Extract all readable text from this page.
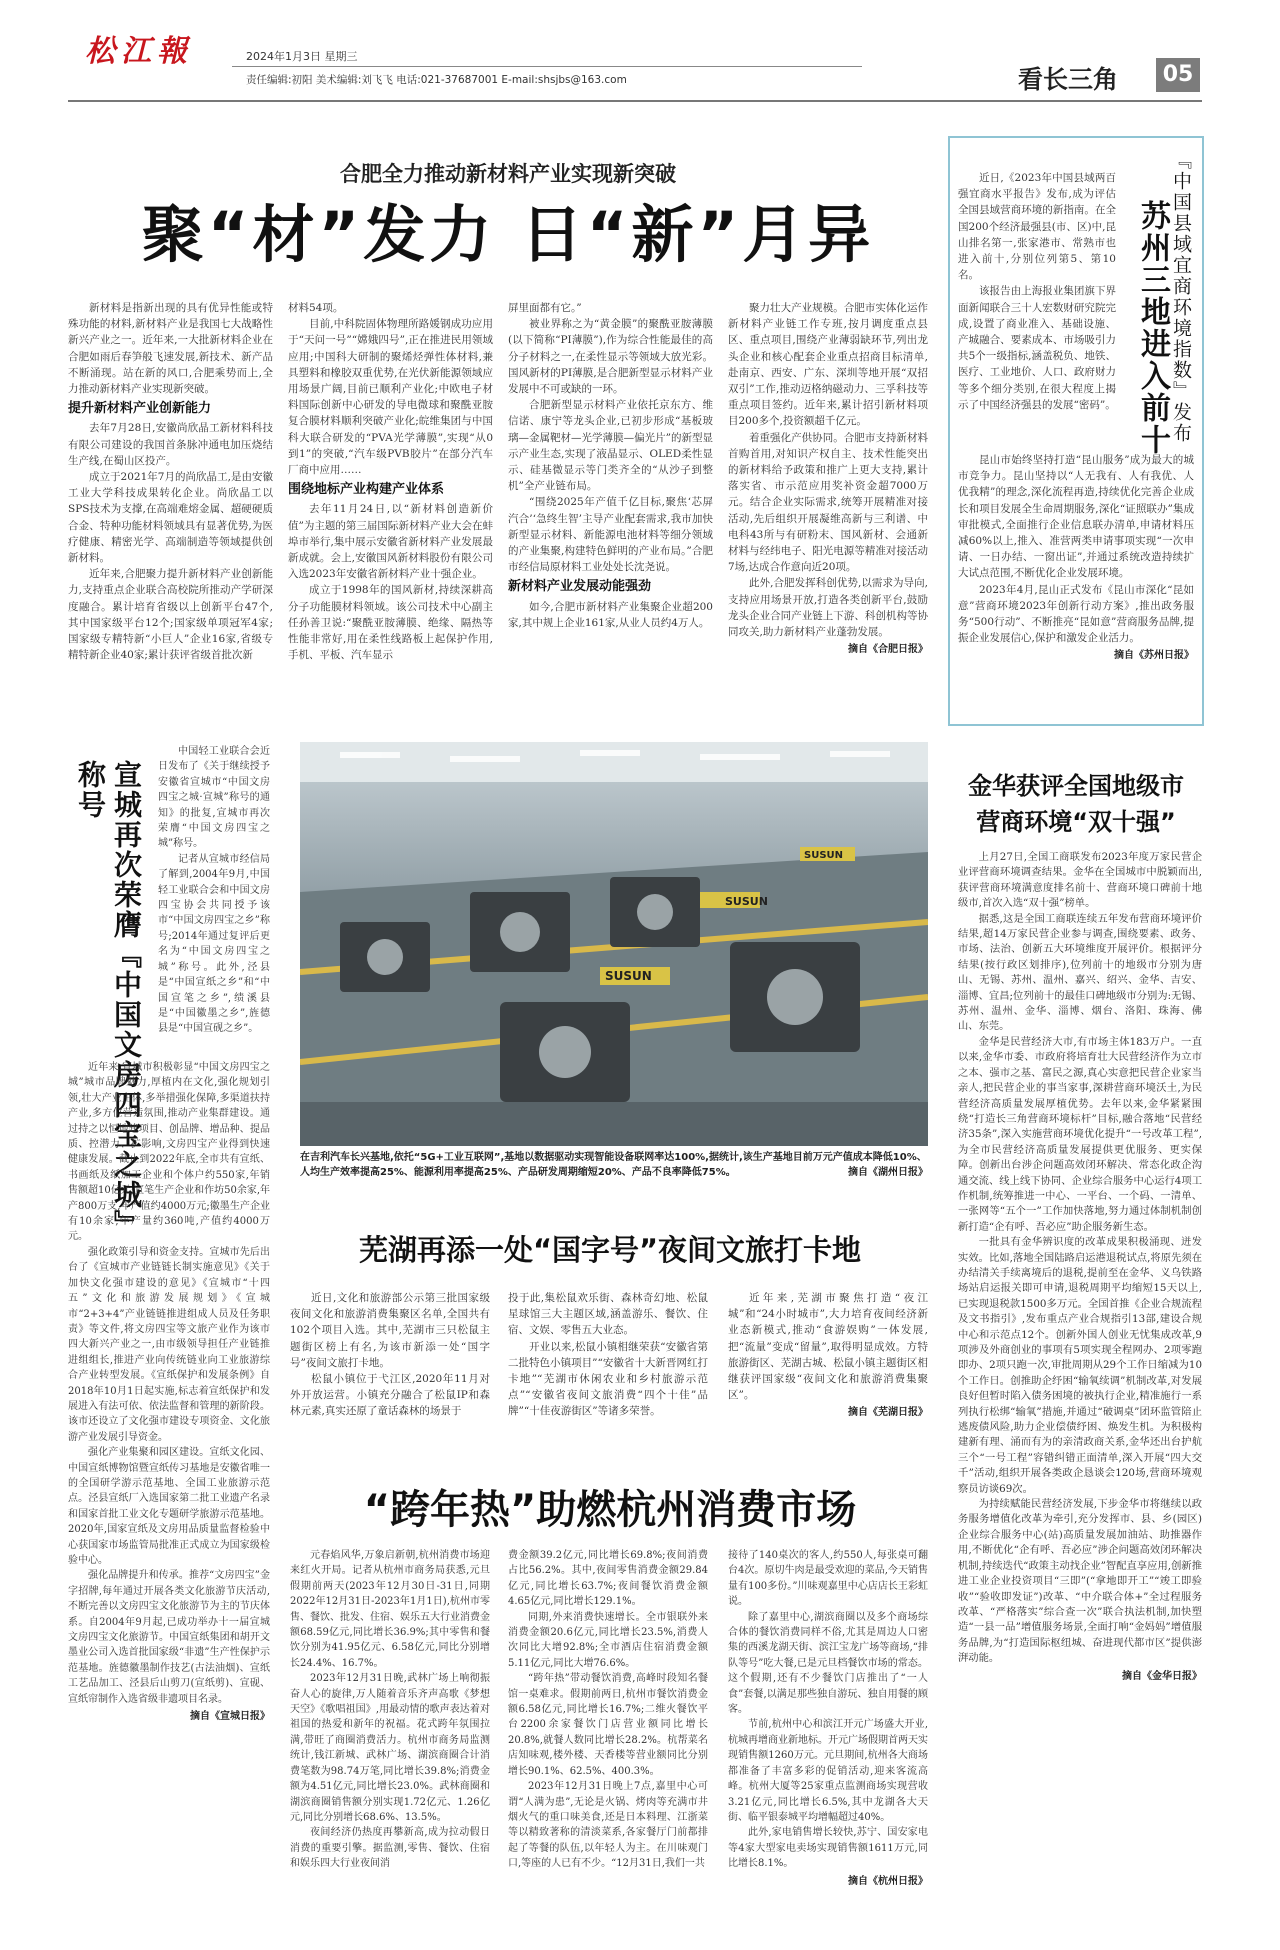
松江報	2024年1月3日 星期三
责任编辑:初阳 美术编辑:刘飞飞 电话:021-37687001 E-mail:shsjbs@163.com	看长三角	05
合肥全力推动新材料产业实现新突破
聚“材”发力 日“新”月异

新材料是指新出现的具有优异性能或特殊功能的材料,新材料产业是我国七大战略性新兴产业之一。近年来,一大批新材料企业在合肥如雨后春笋般飞速发展,新技术、新产品不断涌现。站在新的风口,合肥乘势而上,全力推动新材料产业实现新突破。

提升新材料产业创新能力

去年7月28日,安徽尚欣晶工新材料科技有限公司建设的我国首条脉冲通电加压烧结生产线,在蜀山区投产。

成立于2021年7月的尚欣晶工,是由安徽工业大学科技成果转化企业。尚欣晶工以SPS技术为支撑,在高端难熔金属、超硬硬质合金、特种功能材料领域具有显著优势,为医疗健康、精密光学、高端制造等领域提供创新材料。

近年来,合肥聚力提升新材料产业创新能力,支持重点企业联合高校院所推动产学研深度融合。累计培育省级以上创新平台47个,其中国家级平台12个;国家级单项冠军4家;国家级专精特新“小巨人”企业16家,省级专精特新企业40家;累计获评省级首批次新

材料54项。

目前,中科院固体物理所路媛钢成功应用于“天问一号”“嫦娥四号”,正在推进民用领域应用;中国科大研制的聚烯烃弹性体材料,兼具塑料和橡胶双重优势,在光伏新能源领域应用场景广阔,目前已顺利产业化;中欧电子材料国际创新中心研发的导电微球和聚酰亚胺复合膜材料顺利突破产业化;皖维集团与中国科大联合研发的“PVA光学薄膜”,实现“从0到1”的突破,“汽车级PVB胶片”在部分汽车厂商中应用……

围绕地标产业构建产业体系

去年11月24日,以“新材料创造新价值”为主题的第三届国际新材料产业大会在蚌埠市举行,集中展示安徽省新材料产业发展最新成就。会上,安徽国风新材料股份有限公司入选2023年安徽省新材料产业十强企业。

成立于1998年的国风新材,持续深耕高分子功能膜材料领域。该公司技术中心副主任孙善卫说:“聚酰亚胺薄膜、绝缘、隔热等性能非常好,用在柔性线路板上起保护作用,手机、平板、汽车显示

屏里面都有它。”

被业界称之为“黄金膜”的聚酰亚胺薄膜(以下简称“PI薄膜”),作为综合性能最佳的高分子材料之一,在柔性显示等领域大放光彩。国风新材的PI薄膜,是合肥新型显示材料产业发展中不可或缺的一环。

合肥新型显示材料产业依托京东方、维信诺、康宁等龙头企业,已初步形成“基板玻璃—金属靶材—光学薄膜—偏光片”的新型显示产业生态,实现了液晶显示、OLED柔性显示、硅基微显示等门类齐全的“从沙子到整机”全产业链布局。

“围绕2025年产值千亿目标,聚焦‘芯屏汽合’‘急终生智’主导产业配套需求,我市加快新型显示材料、新能源电池材料等细分领域的产业集聚,构建特色鲜明的产业布局。”合肥市经信局原材料工业处处长沈尧说。

新材料产业发展动能强劲

如今,合肥市新材料产业集聚企业超200家,其中规上企业161家,从业人员约4万人。

聚力壮大产业规模。合肥市实体化运作新材料产业链工作专班,按月调度重点县区、重点项目,围绕产业薄弱缺环节,列出龙头企业和核心配套企业重点招商目标清单,赴南京、西安、广东、深圳等地开展“双招双引”工作,推动迈格纳磁动力、三孚科技等重点项目签约。近年来,累计招引新材料项目200多个,投资额超千亿元。

着重强化产供协同。合肥市支持新材料首购首用,对知识产权自主、技术性能突出的新材料给予政策和推广上更大支持,累计落实省、市示范应用奖补资金超7000万元。结合企业实际需求,统筹开展精准对接活动,先后组织开展凝维高新与三利谱、中电科43所与有研粉末、国风新材、会通新材料与经纬电子、阳光电源等精准对接活动7场,达成合作意向近20项。

此外,合肥发挥科创优势,以需求为导向,支持应用场景开放,打造各类创新平台,鼓励龙头企业合同产业链上下游、科创机构等协同攻关,助力新材料产业蓬勃发展。

摘自《合肥日报》
苏州三地进入前十 『中国县域宜商环境指数』发布

近日,《2023年中国县域两百强宜商水平报告》发布,成为评估全国县域营商环境的新指南。在全国200个经济最强县(市、区)中,昆山排名第一,张家港市、常熟市也进入前十,分别位列第5、第10名。

该报告由上海报业集团旗下界面新闻联合三十人宏数财研究院完成,设置了商业准入、基础设施、产城融合、要素成本、市场吸引力共5个一级指标,涵盖税负、地铁、医疗、工业地价、人口、政府财力等多个细分类别,在很大程度上揭示了中国经济强县的发展“密码”。

昆山市始终坚持打造“昆山服务”成为最大的城市竞争力。昆山坚持以“人无我有、人有我优、人优我精”的理念,深化流程再造,持续优化完善企业成长和项目发展全生命周期服务,深化“证照联办”集成审批模式,全面推行企业信息联办清单,申请材料压减60%以上,推入、准营两类申请事项实现“一次申请、一日办结、一窗出证”,并通过系统改造持续扩大试点范围,不断优化企业发展环境。

2023年4月,昆山正式发布《昆山市深化“昆如意”营商环境2023年创新行动方案》,推出政务服务“500行动”、不断推亮“昆如意”营商服务品牌,提振企业发展信心,保护和激发企业活力。

摘自《苏州日报》
金华获评全国地级市营商环境“双十强”

上月27日,全国工商联发布2023年度万家民营企业评营商环境调查结果。金华在全国城市中脱颖而出,获评营商环境满意度排名前十、营商环境口碑前十地级市,首次入选“双十强”榜单。

据悉,这是全国工商联连续五年发布营商环境评价结果,超14万家民营企业参与调查,围绕要素、政务、市场、法治、创新五大环境维度开展评价。根据评分结果(按行政区划排序),位列前十的地级市分别为唐山、无锡、苏州、温州、嘉兴、绍兴、金华、吉安、淄博、宜昌;位列前十的最佳口碑地级市分别为:无锡、苏州、温州、金华、淄博、烟台、洛阳、珠海、佛山、东莞。

金华是民营经济大市,有市场主体183万户。一直以来,金华市委、市政府将培育壮大民营经济作为立市之本、强市之基、富民之源,真心实意把民营企业家当亲人,把民营企业的事当家事,深耕营商环境沃土,为民营经济高质量发展厚植优势。去年以来,金华紧紧围绕“打造长三角营商环境标杆”目标,融合落地“民营经济35条”,深入实施营商环境优化提升“一号改革工程”,为全市民营经济高质量发展提供更优服务、更实保障。创新出台涉企问题高效闭环解决、常态化政企沟通交流、线上线下协同、企业综合服务中心运行4项工作机制,统筹推进一中心、一平台、一个码、一清单、一张网等“五个一”工作加快落地,努力通过体制机制创新打造“企有呼、吾必应”助企服务新生态。

一批具有金华辨识度的改革成果积极涌现、迸发实效。比如,落地全国陆路启运港退税试点,将原先须在办结清关手续离境后的退税,提前至在金华、义乌铁路场站启运报关即可申请,退税周期平均缩短15天以上,已实现退税款1500多万元。全国首推《企业合规流程及文书指引》,发布重点产业合规指引13部,建设合规中心和示范点12个。创新外国人创业无忧集成改革,9项涉及外商创业的事项有5项实现全程网办、2项零跑即办、2项只跑一次,审批周期从29个工作日缩减为10个工作日。创推助企纾困“输氧续调”机制改革,对发展良好但暂时陷入债务困境的被执行企业,精准施行一系列执行松绑“输氧”措施,并通过“破调桌”团环监管陪止逃废债风险,助力企业偿债纾困、焕发生机。为积极构建新有理、涌而有为的亲清政商关系,金华还出台护航三个“一号工程”容错纠错正面清单,深入开展“四大交千”活动,组织开展各类政企恳谈会120场,营商环境观察员访谈69次。

为持续赋能民营经济发展,下步金华市将继续以政务服务增值化改革为牵引,充分发挥市、县、乡(园区)企业综合服务中心(站)高质量发展加油站、助推器作用,不断优化“企有呼、吾必应”涉企问题高效闭环解决机制,持续迭代“政策主动找企业”智配直享应用,创新推进工业企业投资项目“三即”(“拿地即开工”“竣工即验收”“验收即发证”)改革、“中介联合体+”全过程服务改革、“严格落实”综合查一次”联合执法机制,加快塑造“一县一品”增值服务场景,全面打响“金妈妈”增值服务品牌,为“打造国际枢纽城、奋进现代都市区”提供澎湃动能。

摘自《金华日报》
宣城再次荣膺『中国文房四宝之城』称号

中国轻工业联合会近日发布了《关于继续授予安徽省宣城市“中国文房四宝之城·宣城”称号的通知》的批复,宣城市再次荣膺“中国文房四宝之城”称号。

记者从宣城市经信局了解到,2004年9月,中国轻工业联合会和中国文房四宝协会共同授予该市“中国文房四宝之乡”称号;2014年通过复评后更名为“中国文房四宝之城”称号。此外,泾县是“中国宣纸之乡”和“中国宣笔之乡”,绩溪县是“中国徽墨之乡”,旌德县是“中国宣砚之乡”。

近年来,宣城市积极彰显“中国文房四宝之城”城市品牌魅力,厚植内在文化,强化规划引领,壮大产业主体,多举措强化保障,多渠道扶持产业,多方位营造氛围,推动产业集群建设。通过持之以恒地建项目、创品牌、增品种、提品质、控潜力、扩影响,文房四宝产业得到快速健康发展。截止到2022年底,全市共有宣纸、书画纸及纸加工企业和个体户约550家,年销售额超10亿元;宣笔生产企业和作坊50余家,年产800万支,年产值约4000万元;徽墨生产企业有10余家,年产量约360吨,产值约4000万元。

强化政策引导和资金支持。宣城市先后出台了《宣城市产业链链长制实施意见》《关于加快文化强市建设的意见》《宣城市“十四五”文化和旅游发展规划》《宣城市“2+3+4”产业链链推进组成人员及任务职责》等文件,将文房四宝等文旅产业作为该市四大新兴产业之一,由市级领导担任产业链推进组组长,推进产业向传统链业向工业旅游综合产业转型发展。《宣纸保护和发展条例》自2018年10月1日起实施,标志着宣纸保护和发展进入有法可依、依法监督和管理的新阶段。该市还设立了文化强市建设专项资金、文化旅游产业发展引导资金。

强化产业集聚和园区建设。宣纸文化园、中国宣纸博物馆暨宣纸传习基地是安徽省唯一的全国研学游示范基地、全国工业旅游示范点。泾县宣纸厂入选国家第二批工业遗产名录和国家首批工业文化专题研学旅游示范基地。2020年,国家宣纸及文房用品质量监督检验中心获国家市场监管局批准正式成立为国家级检验中心。

强化品牌提升和传承。推荐“文房四宝”金字招牌,每年通过开展各类文化旅游节庆活动,不断完善以文房四宝文化旅游节为主的节庆体系。自2004年9月起,已成功举办十一届宣城文房四宝文化旅游节。中国宣纸集团和胡开文墨业公司入选首批国家级“非遗”生产性保护示范基地。旌德徽墨制作技艺(古法油烟)、宣纸工艺品加工、泾县后山剪刀(宣纸剪)、宣砚、宣纸帘制作入选省级非遗项目名录。

摘自《宣城日报》
SUSUN
SUSUN
SUSUN
在吉利汽车长兴基地,依托“5G+工业互联网”,基地以数据驱动实现智能设备联网率达100%,据统计,该生产基地目前万元产值成本降低10%、人均生产效率提高25%、能源利用率提高25%、产品研发周期缩短20%、产品不良率降低75%。	摘自《湖州日报》
芜湖再添一处“国字号”夜间文旅打卡地

近日,文化和旅游部公示第三批国家级夜间文化和旅游消费集聚区名单,全国共有102个项目入选。其中,芜湖市三只松鼠主题街区榜上有名,为该市新添一处“国字号”夜间文旅打卡地。

松鼠小镇位于弋江区,2020年11月对外开放运营。小镇充分融合了松鼠IP和森林元素,真实还原了童话森林的场景于

投于此,集松鼠欢乐街、森林奇幻地、松鼠星球馆三大主题区域,涵盖游乐、餐饮、住宿、文娱、零售五大业态。

开业以来,松鼠小镇相继荣获“安徽省第二批特色小镇项目”“安徽省十大新晋网红打卡地”“芜湖市休闲农业和乡村旅游示范点”“安徽省夜间文旅消费“四个十佳”品牌”“十佳夜游街区”等诸多荣誉。

近年来,芜湖市聚焦打造“夜江城”和“24小时城市”,大力培育夜间经济新业态新模式,推动“食游娱购”一体发展,把“流量”变成“留量”,取得明显成效。方特旅游街区、芜湖古城、松鼠小镇主题街区相继获评国家级“夜间文化和旅游消费集聚区”。

摘自《芜湖日报》
“跨年热”助燃杭州消费市场

元春焰风华,万象启新朝,杭州消费市场迎来红火开局。记者从杭州市商务局获悉,元旦假期前两天(2023年12月30日-31日,同期2022年12月31日-2023年1月1日),杭州市零售、餐饮、批发、住宿、娱乐五大行业消费金额68.59亿元,同比增长36.9%;其中零售和餐饮分别为41.95亿元、6.58亿元,同比分别增长24.4%、16.7%。

2023年12月31日晚,武林广场上响彻振奋人心的旋律,万人随着音乐齐声高歌《梦想天空》《歌唱祖国》,用最动情的歌声表达着对祖国的热爱和新年的祝福。花式跨年氛围拉满,带旺了商圈消费活力。杭州市商务局监测统计,钱江新城、武林广场、湖滨商圈合计消费笔数为98.74万笔,同比增长39.8%;消费金额为4.51亿元,同比增长23.0%。武林商圈和湖滨商圈销售额分别实现1.72亿元、1.26亿元,同比分别增长68.6%、13.5%。

夜间经济仍热度再攀新高,成为拉动假日消费的重要引擎。据监测,零售、餐饮、住宿和娱乐四大行业夜间消

费金额39.2亿元,同比增长69.8%;夜间消费占比56.2%。其中,夜间零售消费金额29.84亿元,同比增长63.7%;夜间餐饮消费金额4.65亿元,同比增长129.1%。

同期,外来消费快速增长。全市银联外来消费金额20.6亿元,同比增长23.5%,消费人次同比大增92.8%;全市酒店住宿消费金额5.11亿元,同比大增76.6%。

“跨年热”带动餐饮消费,高峰时段知名餐馆一桌难求。假期前两日,杭州市餐饮消费金额6.58亿元,同比增长16.7%;二维火餐饮平台2200余家餐饮门店营业额同比增长20.8%,就餐人数同比增长28.2%。杭帮菜名店知味观,楼外楼、天香楼等营业额同比分别增长90.1%、62.5%、400.3%。

2023年12月31日晚上7点,嘉里中心可谓“人满为患”,无论是火锅、烤肉等充满市井烟火气的重口味美食,还是日本料理、江浙菜等以精致著称的清淡菜系,各家餐厅门前都排起了等餐的队伍,以年轻人为主。在川味观门口,等座的人已有不少。“12月31日,我们一共

接待了140桌次的客人,约550人,每张桌可翻台4次。原切牛肉是最受欢迎的菜品,今天销售量有100多份。”川味观嘉里中心店店长王彩虹说。

除了嘉里中心,湖滨商圈以及多个商场综合体的餐饮消费同样不俗,尤其是周边人口密集的西溪龙湖天街、滨江宝龙广场等商场,“排队等号”吃大餐,已是元旦档餐饮市场的常态。这个假期,还有不少餐饮门店推出了“一人食”套餐,以满足那些独自游玩、独自用餐的顾客。

节前,杭州中心和滨江开元广场盛大开业,杭城再增商业新地标。开元广场假期首两天实现销售额1260万元。元旦期间,杭州各大商场都准备了丰富多彩的促销活动,迎来客流高峰。杭州大厦等25家重点监测商场实现营收3.21亿元,同比增长6.5%,其中龙湖各大天街、临平银泰城平均增幅超过40%。

此外,家电销售增长较快,苏宁、国安家电等4家大型家电卖场实现销售额1611万元,同比增长8.1%。

摘自《杭州日报》
